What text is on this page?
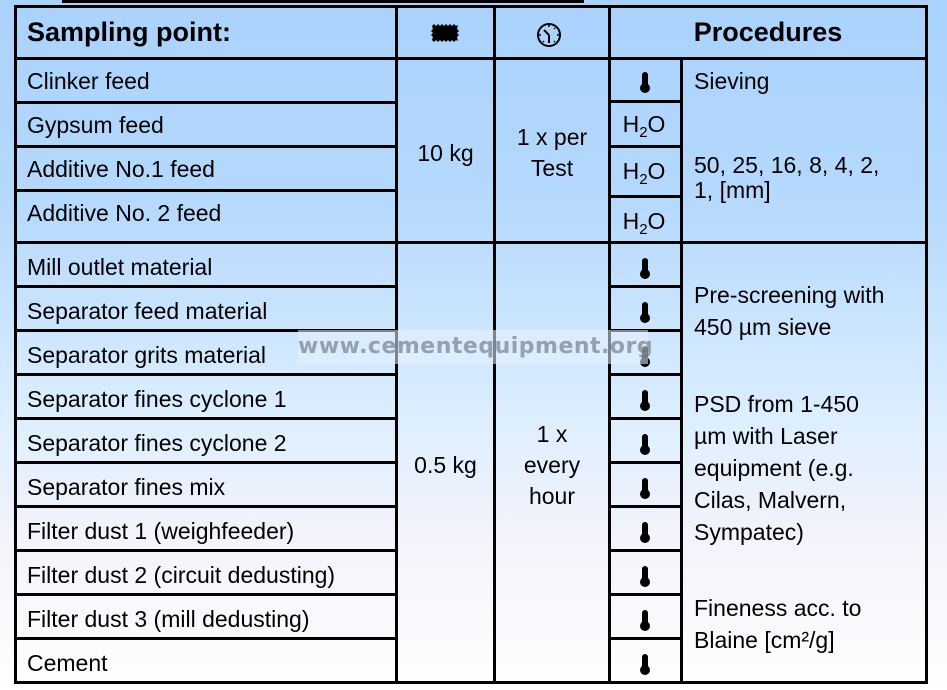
Sampling point:	Procedures
Clinker feed
Gypsum feed
Additive No.1 feed
Additive No. 2 feed
10 kg
1 x per
Test
$H_2O$
$H_2O$
$H_2O$
Sieving
50, 25, 16, 8, 4, 2,
1, [mm]
Mill outlet material
Separator feed material
Separator grits material
Separator fines cyclone 1
Separator fines cyclone 2
Separator fines mix
Filter dust 1 (weighfeeder)
Filter dust 2 (circuit dedusting)
Filter dust 3 (mill dedusting)
Cement
0.5 kg
1 x
every
hour
Pre-screening with
450 µm sieve
PSD from 1-450
µm with Laser
equipment (e.g.
Cilas, Malvern,
Sympatec)
Fineness acc. to
Blaine [cm²/g]
www.cementequipment.org
